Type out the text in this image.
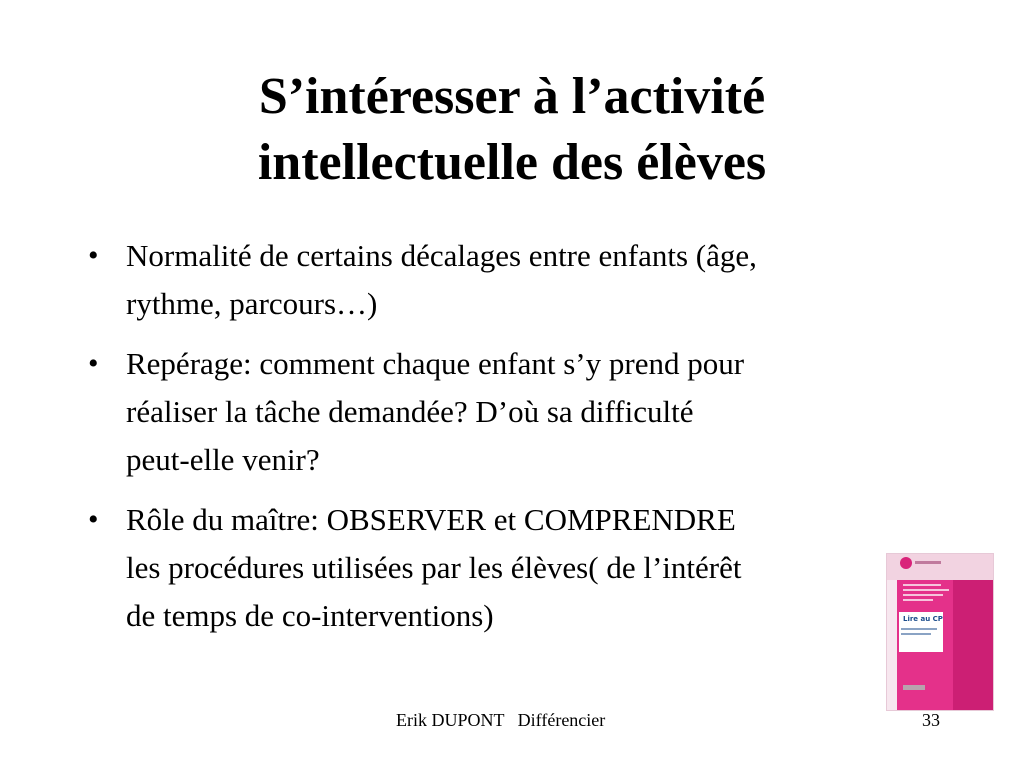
S’intéresser à l’activité
intellectuelle des élèves
• Normalité de certains décalages entre enfants (âge,
rythme, parcours…)
• Repérage: comment chaque enfant s’y prend pour
réaliser la tâche demandée? D’où sa difficulté
peut-elle venir?
• Rôle du maître: OBSERVER et COMPRENDRE
les procédures utilisées par les élèves( de l’intérêt
de temps de co-interventions)	Lire au CP
Erik DUPONT   Différencier	33
